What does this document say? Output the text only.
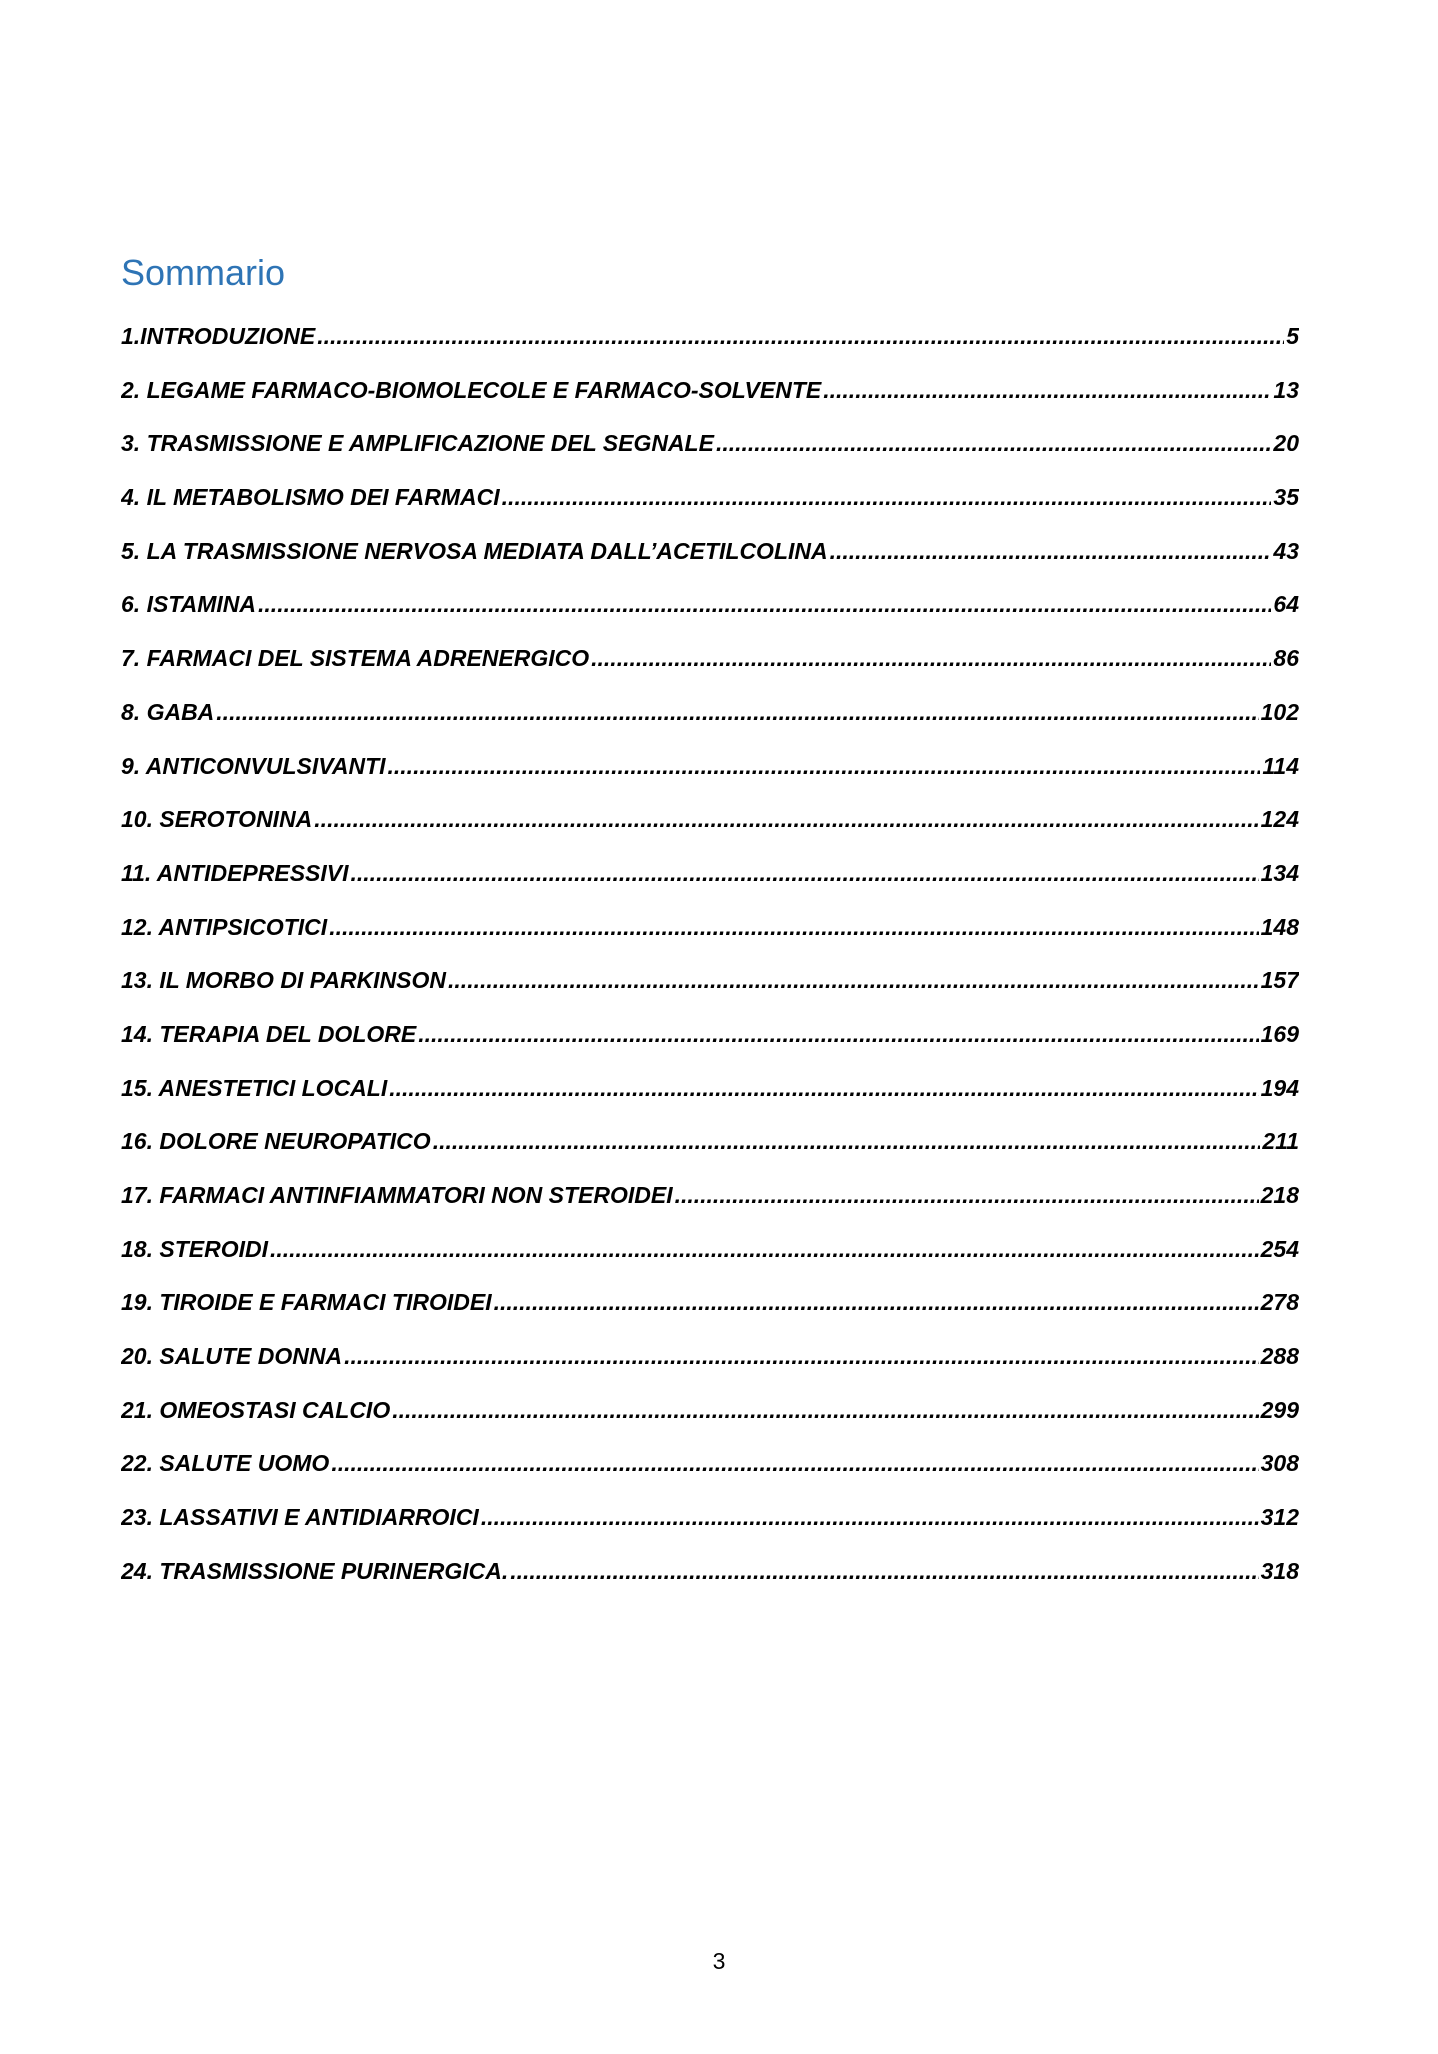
Sommario
1.INTRODUZIONE .....	5
2. LEGAME FARMACO-BIOMOLECOLE E FARMACO-SOLVENTE .....	13
3. TRASMISSIONE E AMPLIFICAZIONE DEL SEGNALE .....	20
4. IL METABOLISMO DEI FARMACI .....	35
5. LA TRASMISSIONE NERVOSA MEDIATA DALL’ACETILCOLINA .....	43
6. ISTAMINA .....	64
7. FARMACI DEL SISTEMA ADRENERGICO .....	86
8. GABA .....	102
9. ANTICONVULSIVANTI .....	114
10. SEROTONINA .....	124
11. ANTIDEPRESSIVI .....	134
12. ANTIPSICOTICI .....	148
13. IL MORBO DI PARKINSON .....	157
14. TERAPIA DEL DOLORE .....	169
15. ANESTETICI LOCALI .....	194
16. DOLORE NEUROPATICO .....	211
17. FARMACI ANTINFIAMMATORI NON STEROIDEI .....	218
18. STEROIDI .....	254
19. TIROIDE E FARMACI TIROIDEI .....	278
20. SALUTE DONNA .....	288
21. OMEOSTASI CALCIO .....	299
22. SALUTE UOMO .....	308
23. LASSATIVI E ANTIDIARROICI .....	312
24. TRASMISSIONE PURINERGICA. .....	318
3
